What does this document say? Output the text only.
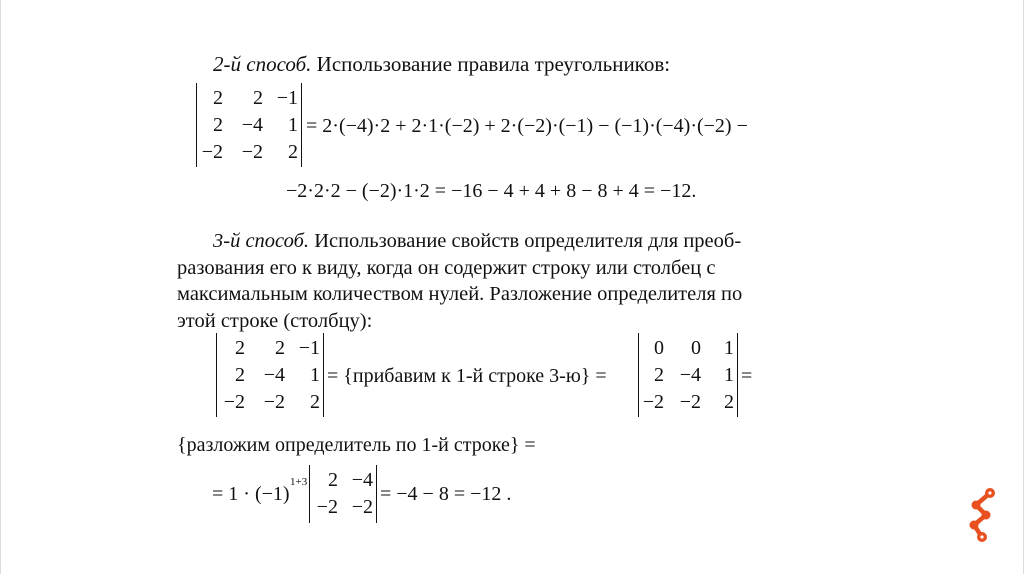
2-й способ. Использование правила треугольников:
2 2 −1
2 −4 1
−2 −2 2
= 2·(−4)·2 + 2·1·(−2) + 2·(−2)·(−1) − (−1)·(−4)·(−2) −
−2·2·2 − (−2)·1·2 = −16 − 4 + 4 + 8 − 8 + 4 = −12.

3-й способ. Использование свойств определителя для преоб-

разования его к виду, когда он содержит строку или столбец с

максимальным количеством нулей. Разложение определителя по

этой строке (столбцу):

2 2 −1
2 −4 1
−2 −2 2
= {прибавим к 1-й строке 3-ю} =
0 0 1
2 −4 1
−2 −2 2
=
{разложим определитель по 1-й строке} =
= 1 · (−1)
1+3 2 −4
−2 −2
= −4 − 8 = −12 .
